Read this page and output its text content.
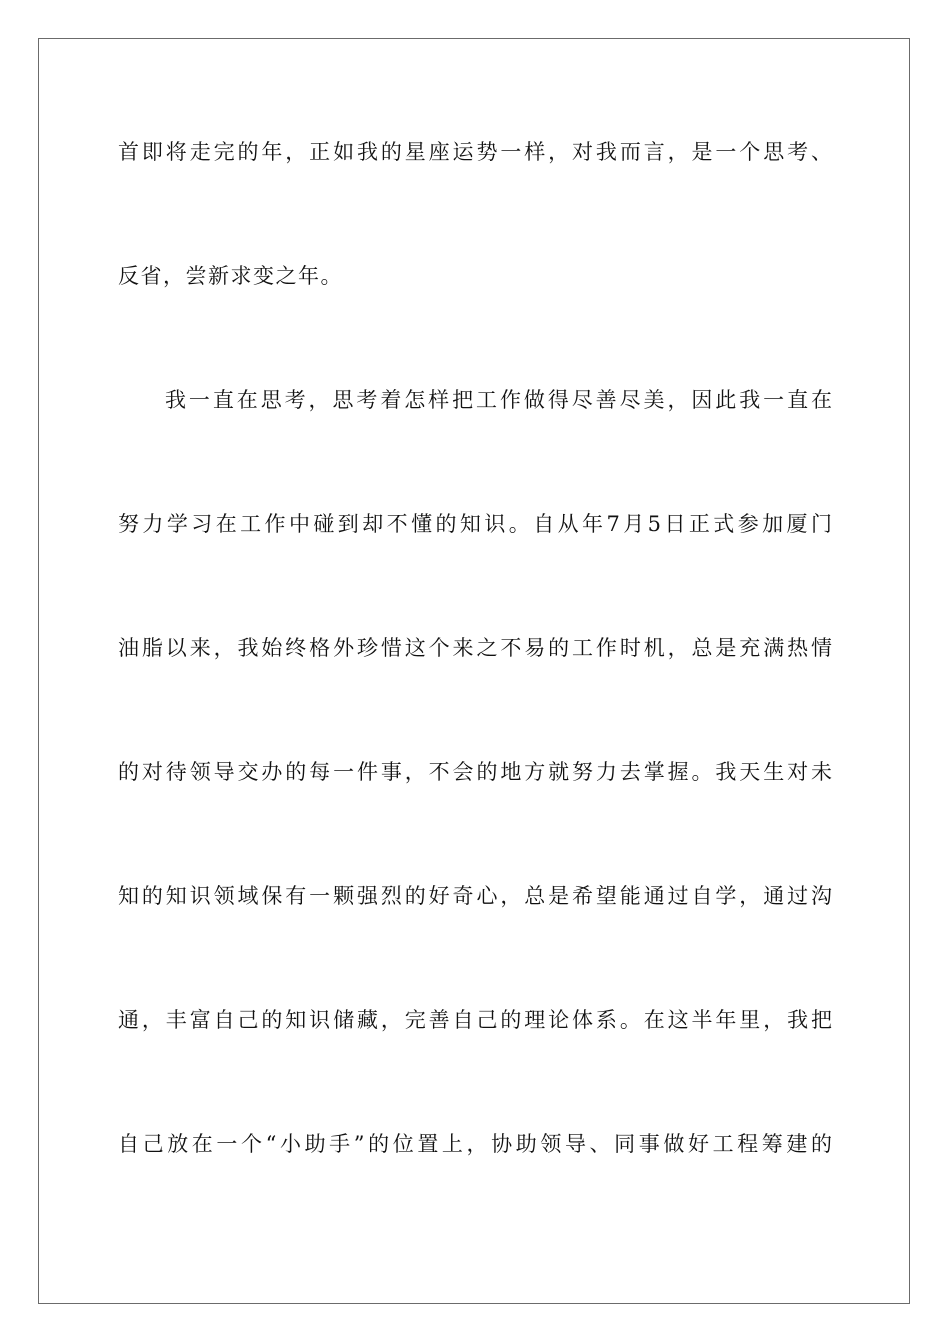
首即将走完的年，正如我的星座运势一样，对我而言，是一个思考、
反省，尝新求变之年。
我一直在思考，思考着怎样把工作做得尽善尽美，因此我一直在
努力学习在工作中碰到却不懂的知识。自从年7月5日正式参加厦门
油脂以来，我始终格外珍惜这个来之不易的工作时机，总是充满热情
的对待领导交办的每一件事，不会的地方就努力去掌握。我天生对未
知的知识领域保有一颗强烈的好奇心，总是希望能通过自学，通过沟
通，丰富自己的知识储藏，完善自己的理论体系。在这半年里，我把
自己放在一个“小助手”的位置上，协助领导、同事做好工程筹建的
